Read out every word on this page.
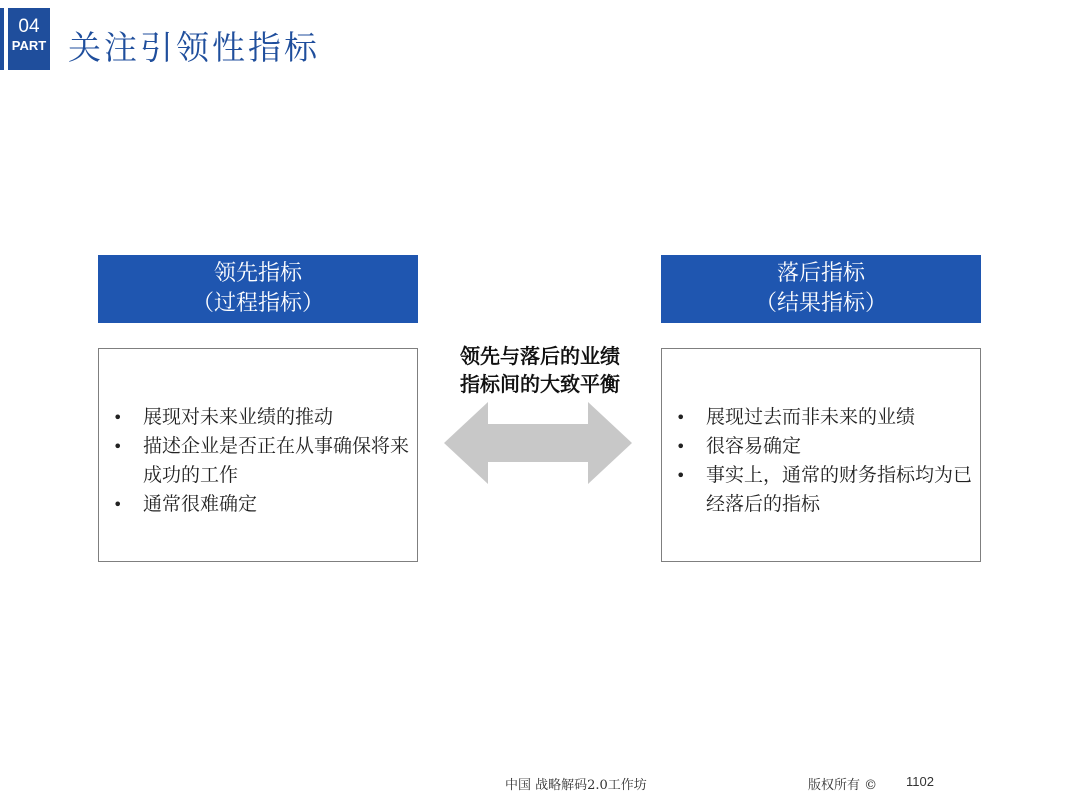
04
PART 关注引领性指标
领先指标
（过程指标）
• 展现对未来业绩的推动
• 描述企业是否正在从事确保将来成功的工作
• 通常很难确定
领先与落后的业绩
指标间的大致平衡
落后指标
（结果指标）
• 展现过去而非未来的业绩
• 很容易确定
• 事实上，通常的财务指标均为已经落后的指标
中国 战略解码2.0工作坊	版权所有 © 1102
